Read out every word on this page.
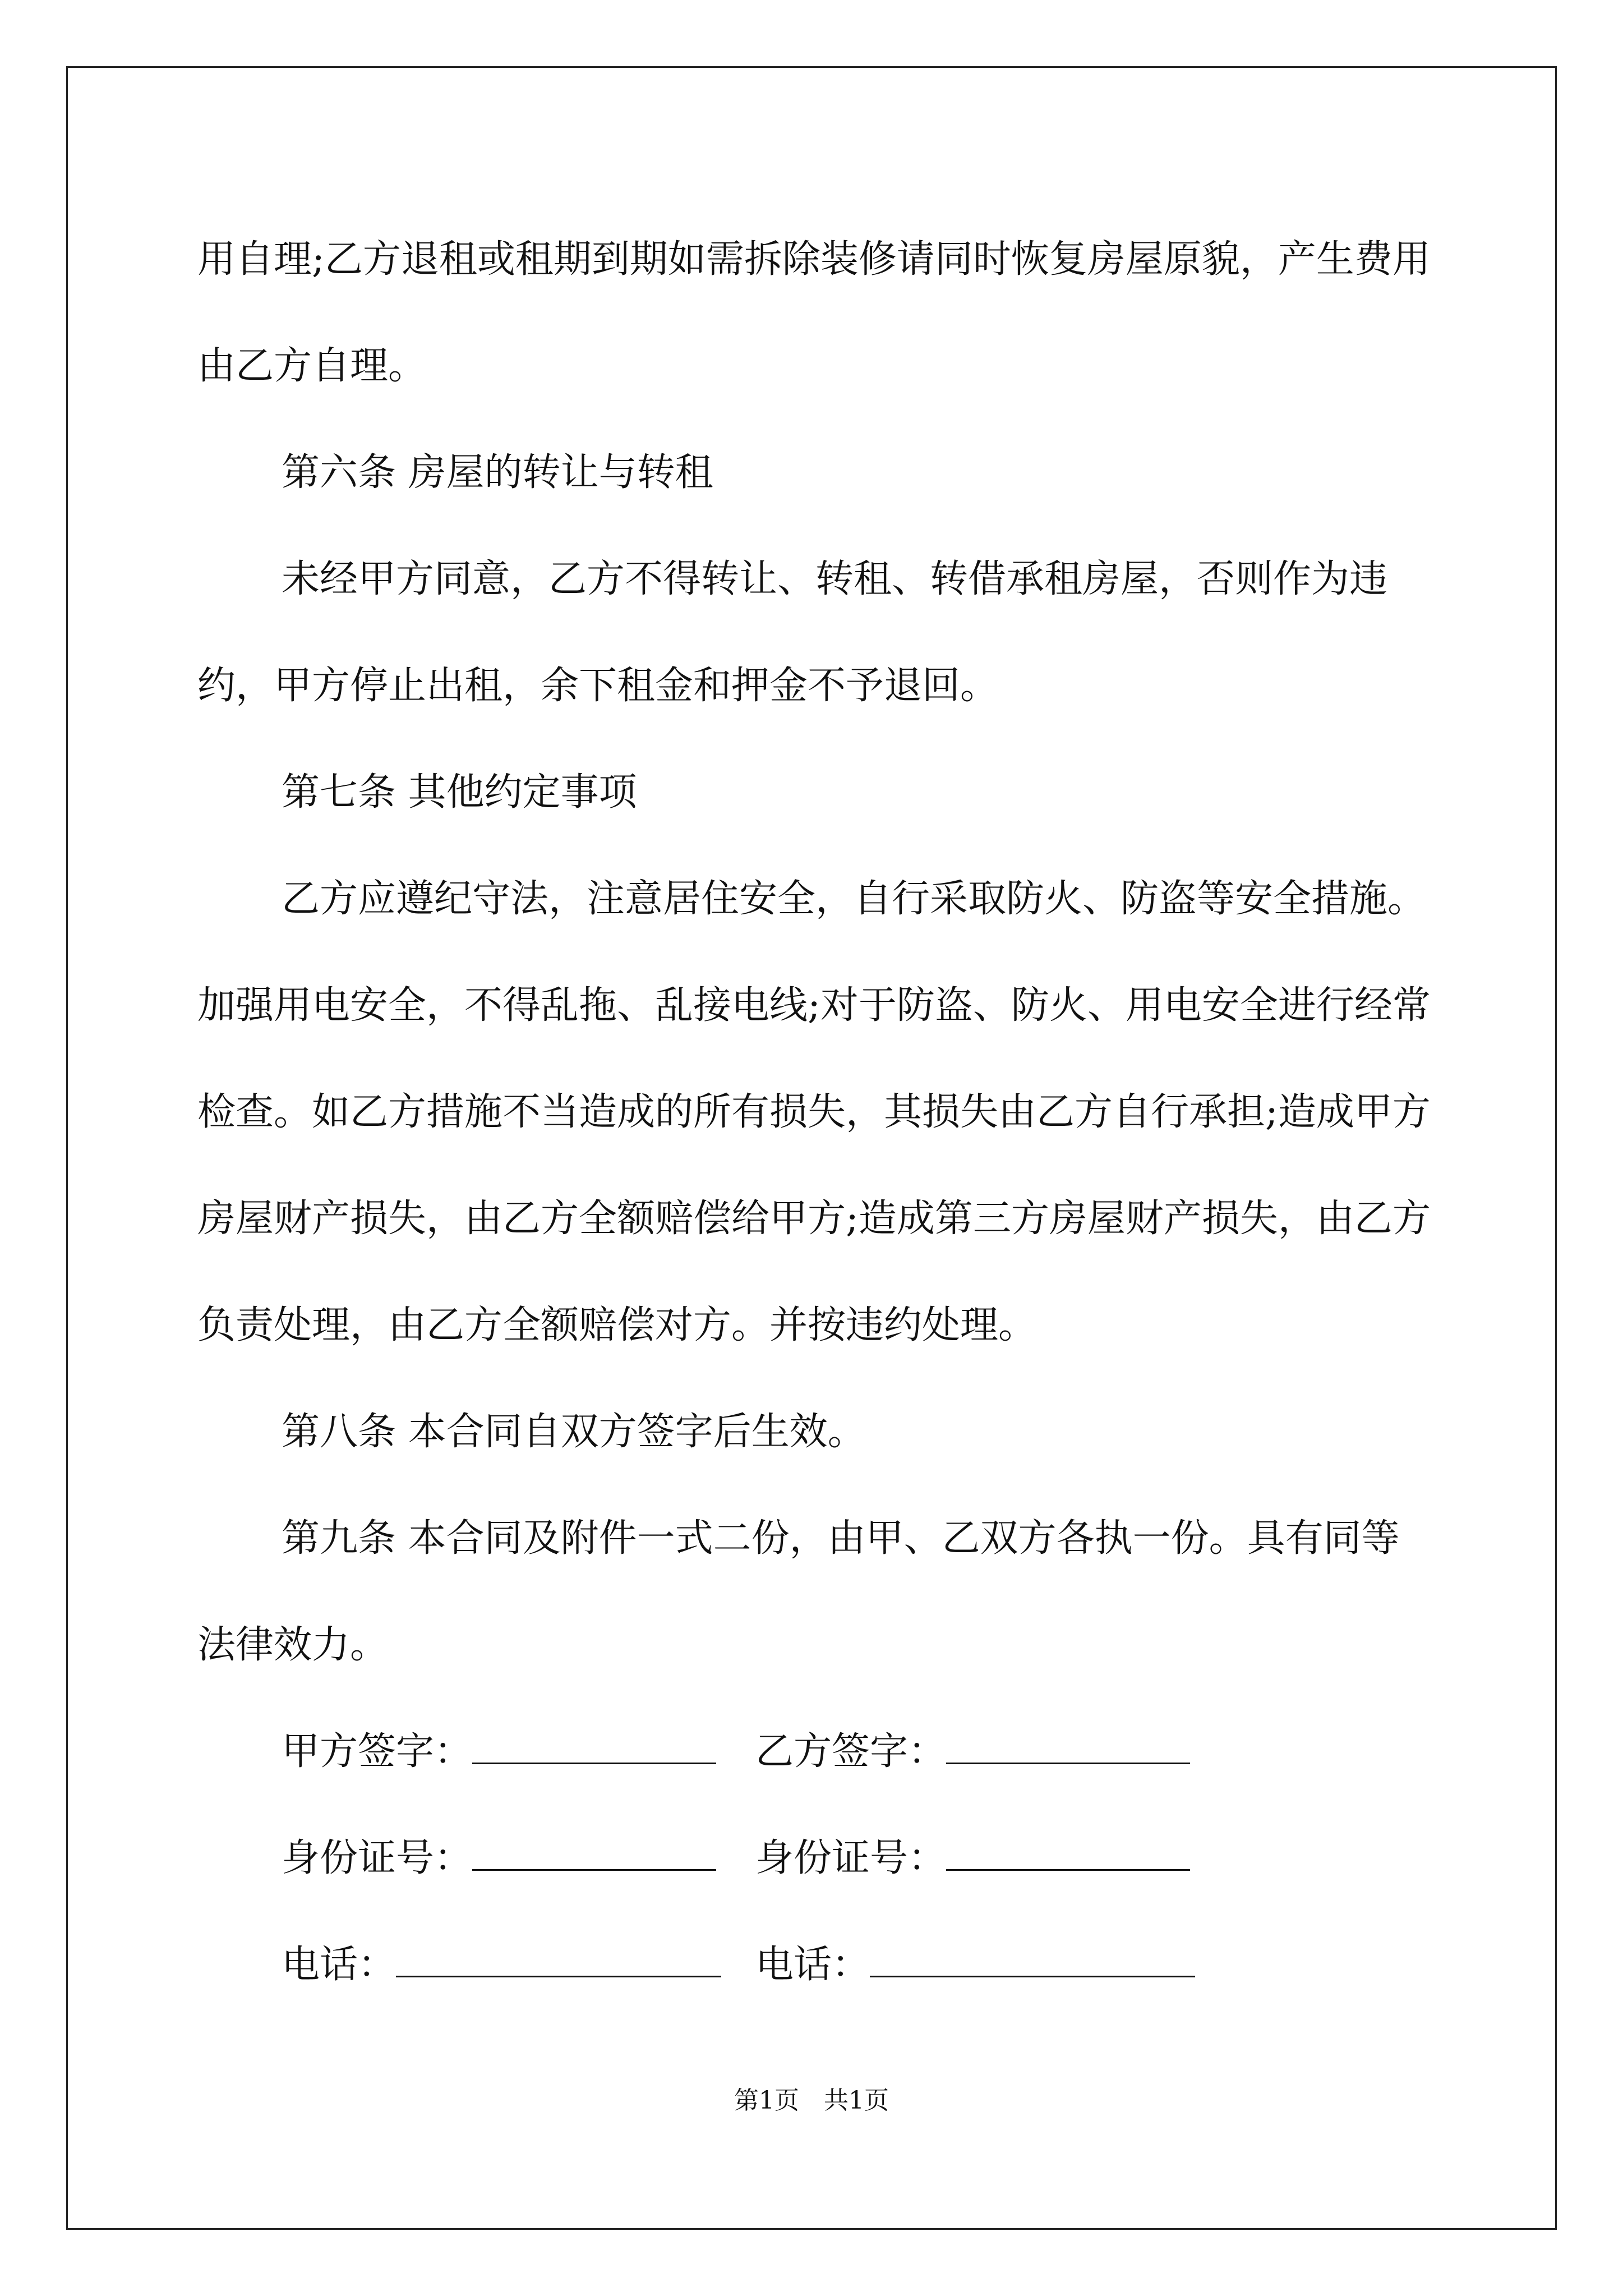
用自理;乙方退租或租期到期如需拆除装修请同时恢复房屋原貌，产生费用由乙方自理。

第六条 房屋的转让与转租

未经甲方同意，乙方不得转让、转租、转借承租房屋，否则作为违约，甲方停止出租，余下租金和押金不予退回。

第七条 其他约定事项

乙方应遵纪守法，注意居住安全，自行采取防火、防盗等安全措施。加强用电安全，不得乱拖、乱接电线;对于防盗、防火、用电安全进行经常检查。如乙方措施不当造成的所有损失，其损失由乙方自行承担;造成甲方房屋财产损失，由乙方全额赔偿给甲方;造成第三方房屋财产损失，由乙方负责处理，由乙方全额赔偿对方。并按违约处理。

第八条 本合同自双方签字后生效。

第九条 本合同及附件一式二份，由甲、乙双方各执一份。具有同等法律效力。

甲方签字：	乙方签字：
身份证号：	身份证号：
电话：	电话：
第1页　共1页
